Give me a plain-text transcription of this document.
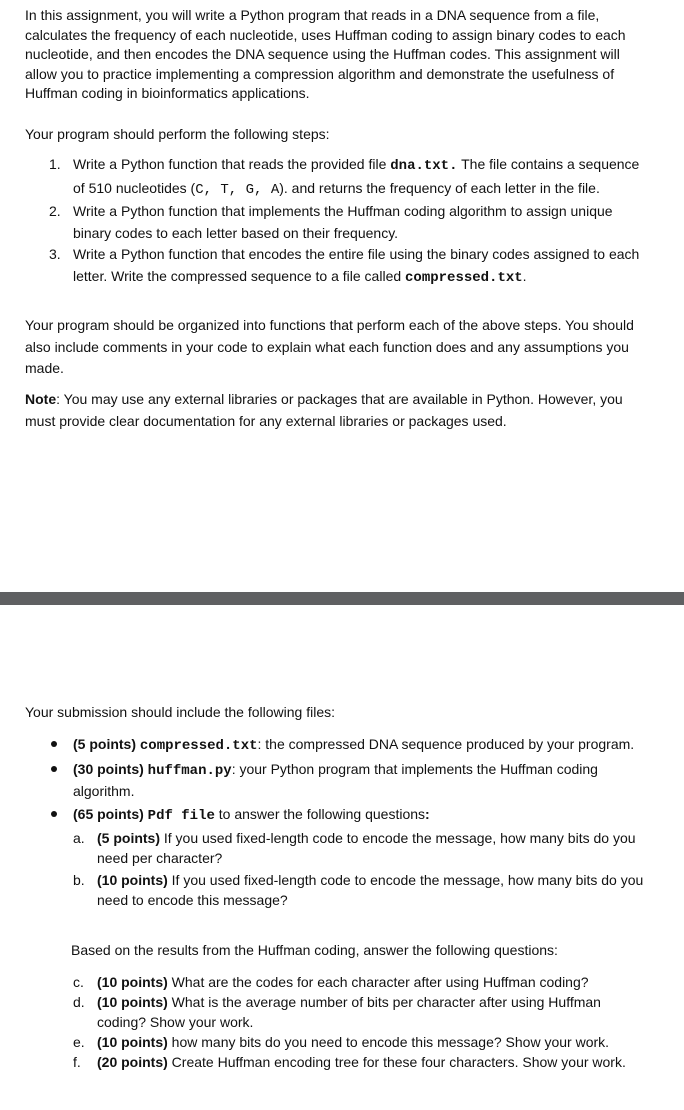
In this assignment, you will write a Python program that reads in a DNA sequence from a file, calculates the frequency of each nucleotide, uses Huffman coding to assign binary codes to each nucleotide, and then encodes the DNA sequence using the Huffman codes. This assignment will allow you to practice implementing a compression algorithm and demonstrate the usefulness of Huffman coding in bioinformatics applications.

Your program should perform the following steps:

1. Write a Python function that reads the provided file dna.txt. The file contains a sequence of 510 nucleotides (C, T, G, A). and returns the frequency of each letter in the file.
2. Write a Python function that implements the Huffman coding algorithm to assign unique binary codes to each letter based on their frequency.
3. Write a Python function that encodes the entire file using the binary codes assigned to each letter. Write the compressed sequence to a file called compressed.txt.

Your program should be organized into functions that perform each of the above steps. You should also include comments in your code to explain what each function does and any assumptions you made.

Note: You may use any external libraries or packages that are available in Python. However, you must provide clear documentation for any external libraries or packages used.

Your submission should include the following files:

(5 points) compressed.txt: the compressed DNA sequence produced by your program.
(30 points) huffman.py: your Python program that implements the Huffman coding algorithm.
(65 points) Pdf file to answer the following questions:
a. (5 points) If you used fixed-length code to encode the message, how many bits do you need per character?
b. (10 points) If you used fixed-length code to encode the message, how many bits do you need to encode this message?

Based on the results from the Huffman coding, answer the following questions:

c. (10 points) What are the codes for each character after using Huffman coding?
d. (10 points) What is the average number of bits per character after using Huffman coding? Show your work.
e. (10 points) how many bits do you need to encode this message? Show your work.
f. (20 points) Create Huffman encoding tree for these four characters. Show your work.
